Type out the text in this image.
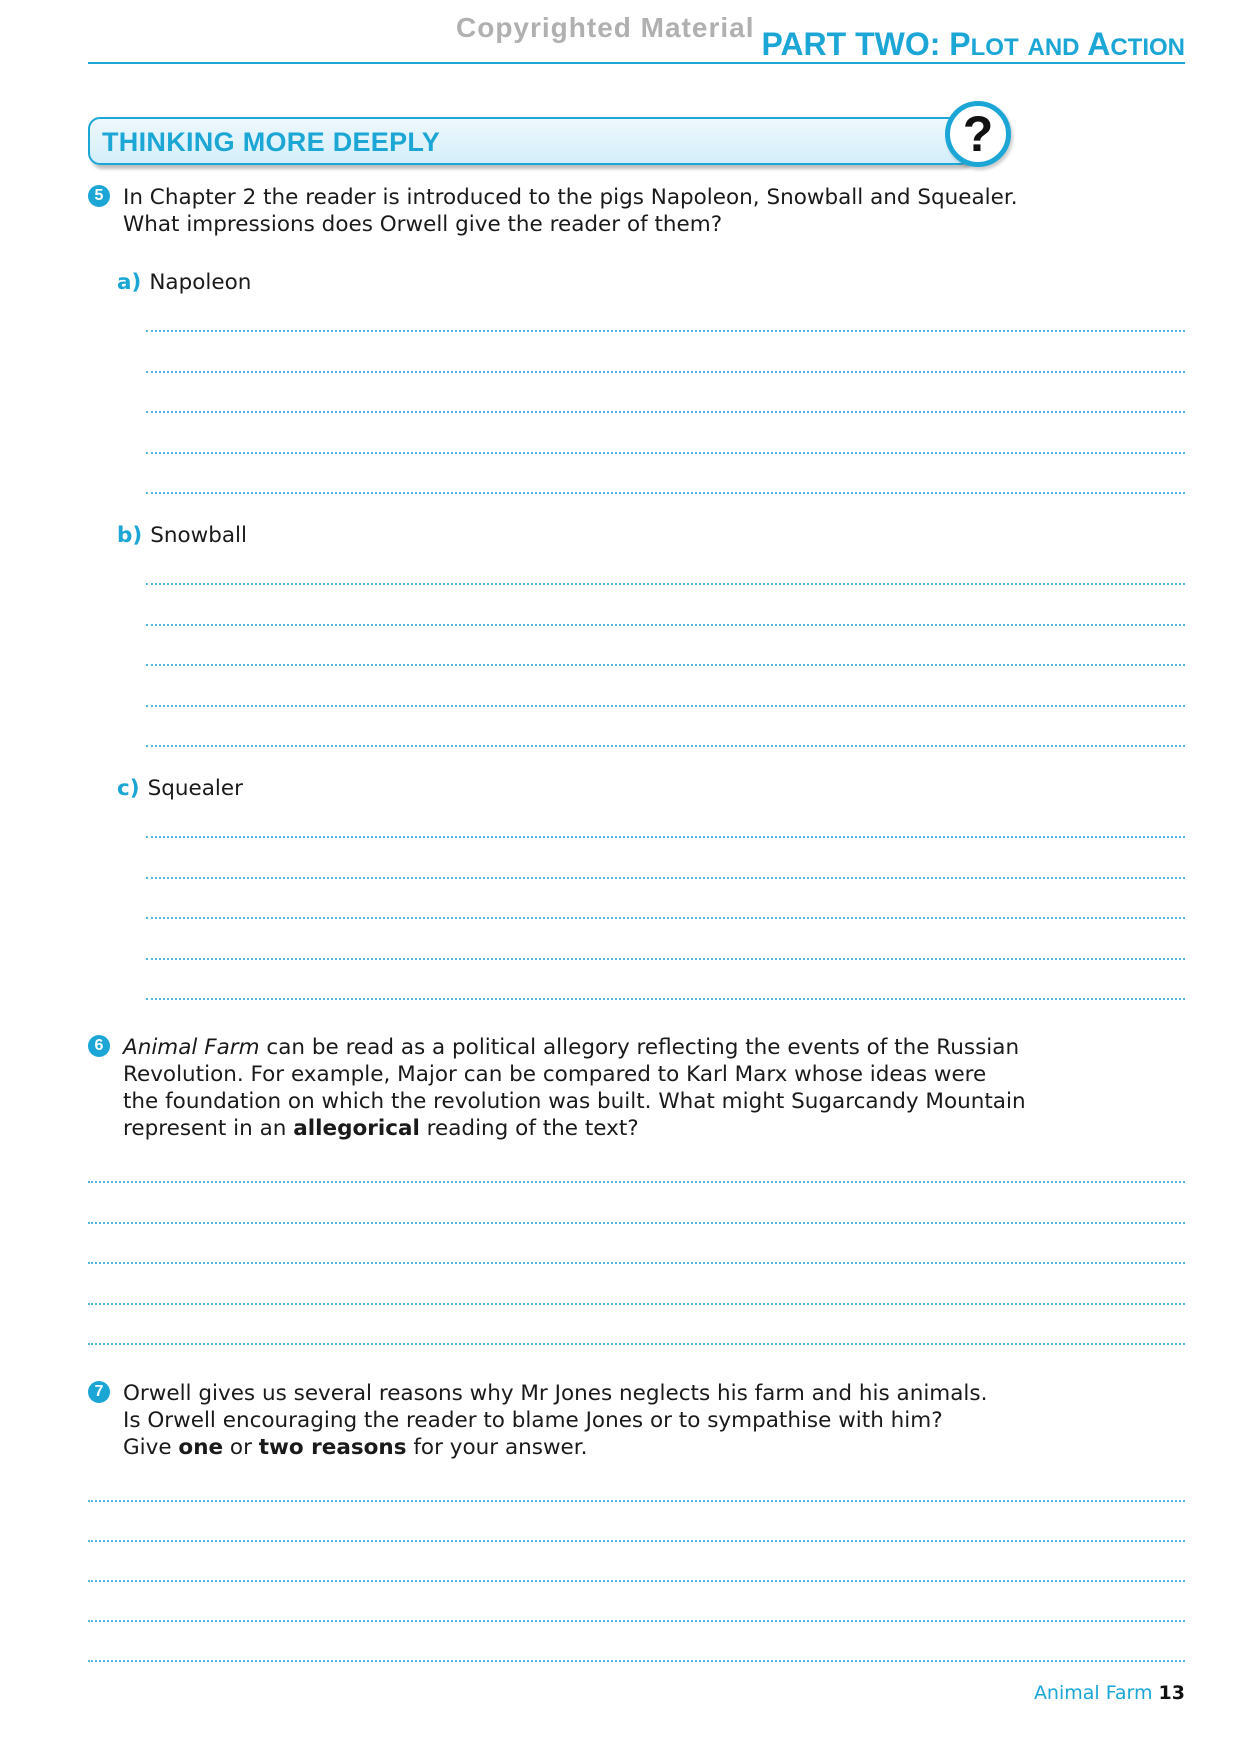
Copyrighted Material PART TWO: PLOT AND ACTION
THINKING MORE DEEPLY	?
5 In Chapter 2 the reader is introduced to the pigs Napoleon, Snowball and Squealer.
What impressions does Orwell give the reader of them?
a) Napoleon
b) Snowball
c) Squealer
6 Animal Farm can be read as a political allegory reflecting the events of the Russian
Revolution. For example, Major can be compared to Karl Marx whose ideas were
the foundation on which the revolution was built. What might Sugarcandy Mountain
represent in an allegorical reading of the text?
7 Orwell gives us several reasons why Mr Jones neglects his farm and his animals.
Is Orwell encouraging the reader to blame Jones or to sympathise with him?
Give one or two reasons for your answer.
Animal Farm 13
